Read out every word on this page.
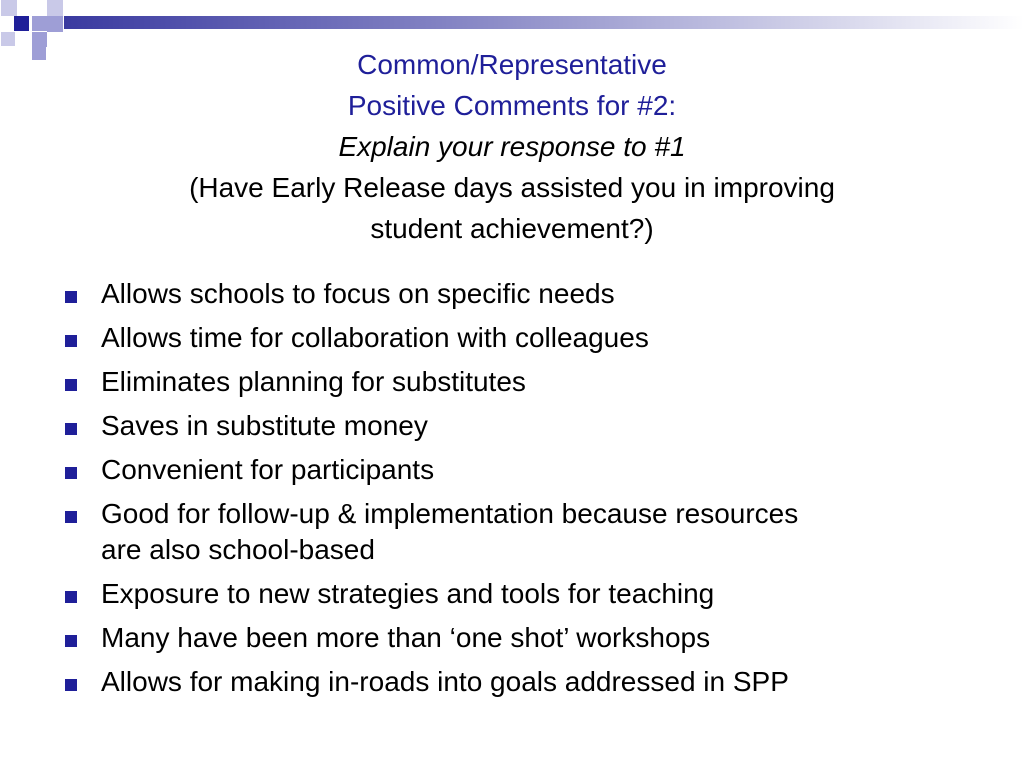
Common/Representative
Positive Comments for #2:
Explain your response to #1
(Have Early Release days assisted you in improving
student achievement?)
Allows schools to focus on specific needs
Allows time for collaboration with colleagues
Eliminates planning for substitutes
Saves in substitute money
Convenient for participants
Good for follow-up & implementation because resources
are also school-based
Exposure to new strategies and tools for teaching
Many have been more than ‘one shot’ workshops
Allows for making in-roads into goals addressed in SPP
